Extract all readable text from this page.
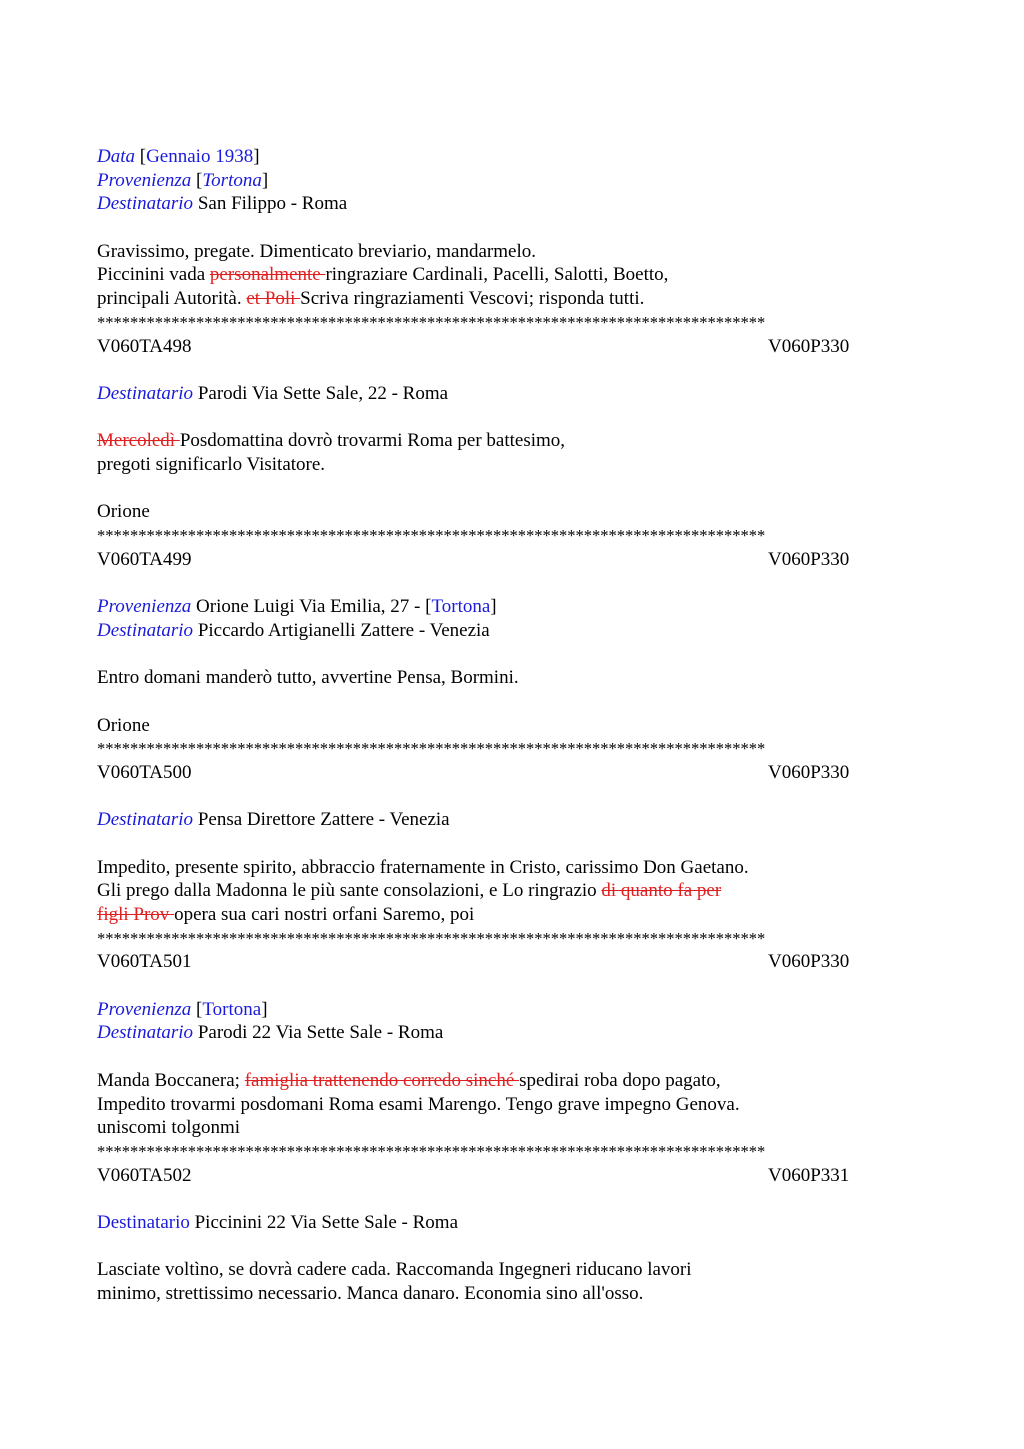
Data [Gennaio 1938]
Provenienza [Tortona]
Destinatario San Filippo - Roma
Gravissimo, pregate. Dimenticato breviario, mandarmelo.
Piccinini vada personalmente ringraziare Cardinali, Pacelli, Salotti, Boetto,
principali Autorità. et Poli Scriva ringraziamenti Vescovi; risponda tutti.
*********************************************************************************
V060TA498	V060P330
Destinatario Parodi Via Sette Sale, 22 - Roma
Mercoledì Posdomattina dovrò trovarmi Roma per battesimo,
pregoti significarlo Visitatore.
Orione
*********************************************************************************
V060TA499	V060P330
Provenienza Orione Luigi Via Emilia, 27 - [Tortona]
Destinatario Piccardo Artigianelli Zattere - Venezia
Entro domani manderò tutto, avvertine Pensa, Bormini.
Orione
*********************************************************************************
V060TA500	V060P330
Destinatario Pensa Direttore Zattere - Venezia
Impedito, presente spirito, abbraccio fraternamente in Cristo, carissimo Don Gaetano.
Gli prego dalla Madonna le più sante consolazioni, e Lo ringrazio di quanto fa per
figli Prov opera sua cari nostri orfani Saremo, poi
*********************************************************************************
V060TA501	V060P330
Provenienza [Tortona]
Destinatario Parodi 22 Via Sette Sale - Roma
Manda Boccanera; famiglia trattenendo corredo sinché spedirai roba dopo pagato,
Impedito trovarmi posdomani Roma esami Marengo. Tengo grave impegno Genova.
uniscomi tolgonmi
*********************************************************************************
V060TA502	V060P331
Destinatario Piccinini 22 Via Sette Sale - Roma
Lasciate voltìno, se dovrà cadere cada. Raccomanda Ingegneri riducano lavori
minimo, strettissimo necessario. Manca danaro. Economia sino all'osso.
